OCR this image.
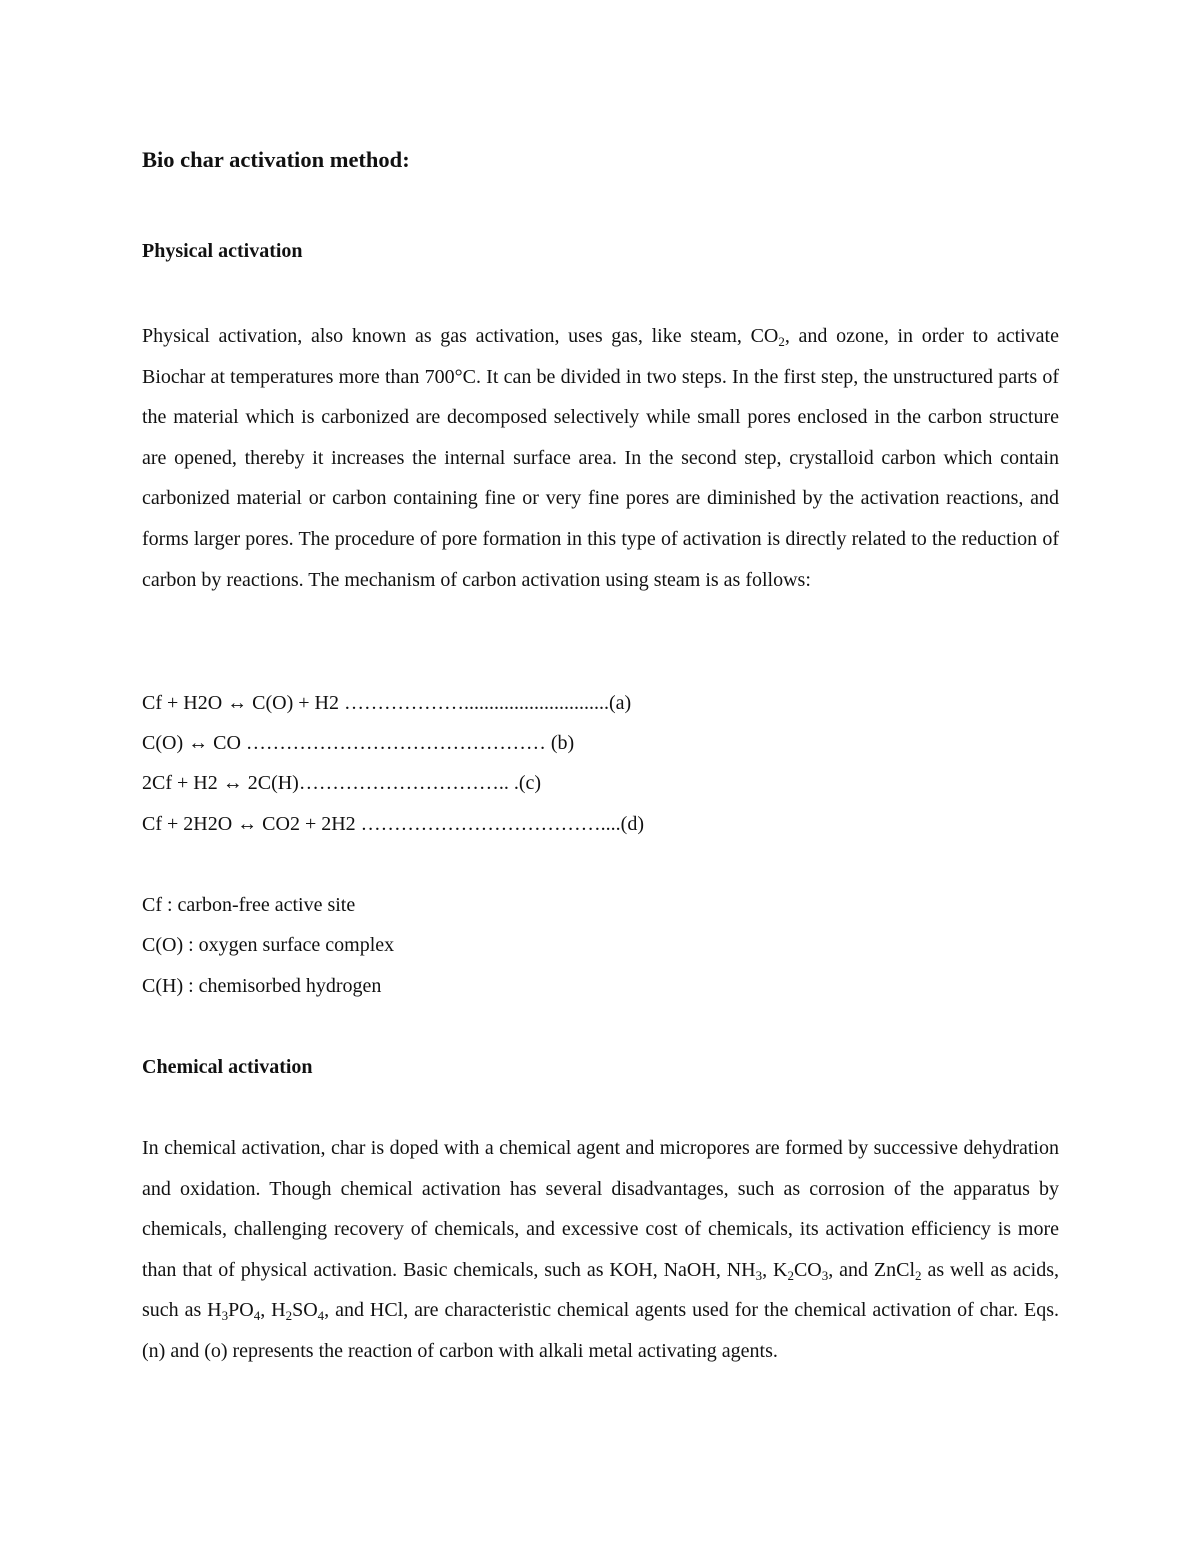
Bio char activation method:
Physical activation

Physical activation, also known as gas activation, uses gas, like steam, $CO_2$, and ozone, in order to activate Biochar at temperatures more than 700°C. It can be divided in two steps. In the first step, the unstructured parts of the material which is carbonized are decomposed selectively while small pores enclosed in the carbon structure are opened, thereby it increases the internal surface area. In the second step, crystalloid carbon which contain carbonized material or carbon containing fine or very fine pores are diminished by the activation reactions, and forms larger pores. The procedure of pore formation in this type of activation is directly related to the reduction of carbon by reactions. The mechanism of carbon activation using steam is as follows:

Cf + H2O ↔ C(O) + H2 ……………….............................(a)
C(O) ↔ CO ……………………………………… (b)
2Cf + H2 ↔ 2C(H)………………………….. .(c)
Cf + 2H2O ↔ CO2 + 2H2 ………………………………....(d)
Cf : carbon-free active site
C(O) : oxygen surface complex
C(H) : chemisorbed hydrogen
Chemical activation

In chemical activation, char is doped with a chemical agent and micropores are formed by successive dehydration and oxidation. Though chemical activation has several disadvantages, such as corrosion of the apparatus by chemicals, challenging recovery of chemicals, and excessive cost of chemicals, its activation efficiency is more than that of physical activation. Basic chemicals, such as KOH, NaOH, $NH_3$, $K_2CO_3$, and ZnCl$_2$ as well as acids, such as $H_3PO_4$, $H_2SO_4$, and HCl, are characteristic chemical agents used for the chemical activation of char. Eqs. (n) and (o) represents the reaction of carbon with alkali metal activating agents.
